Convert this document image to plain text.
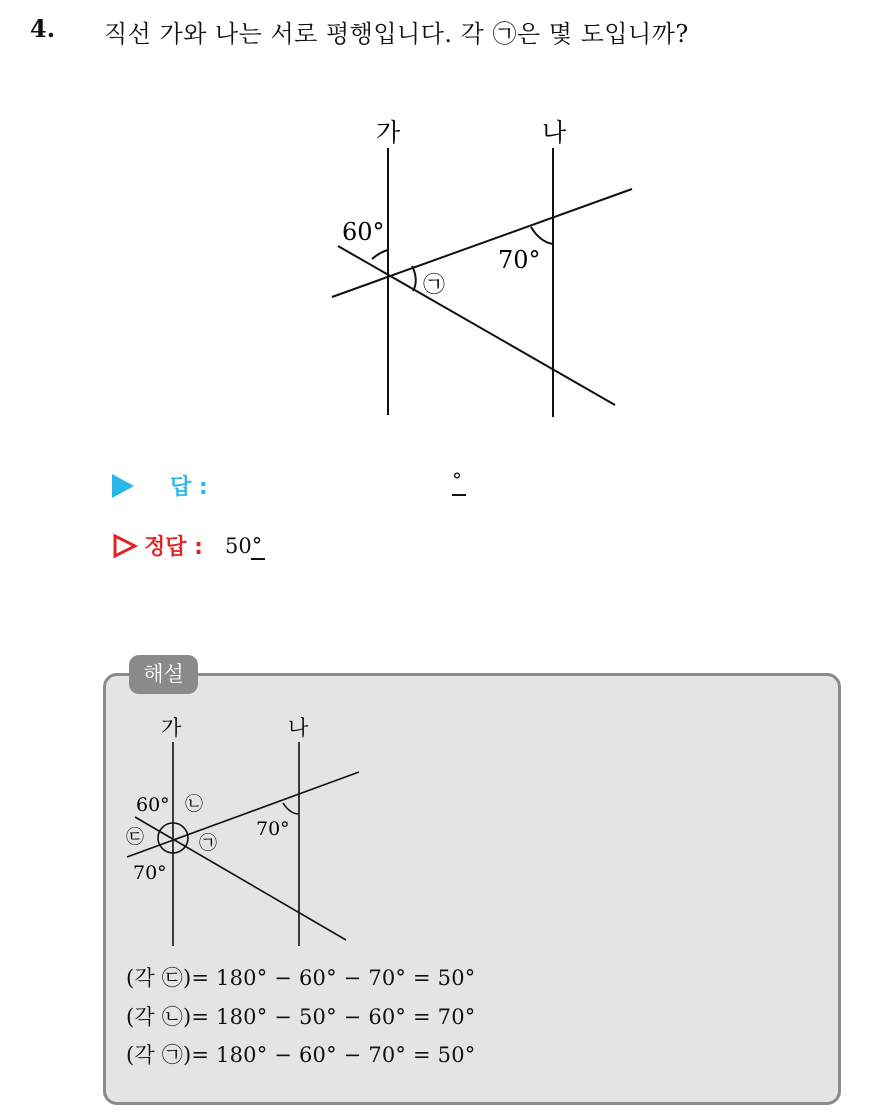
4. 직선 가와 나는 서로 평행입니다. 각 ㉠은 몇 도입니까?
가	나
60°
70°
㉠
답 :	°
정답 : 50°
해설
가	나
60° ㉡
㉢	㉠
70°
70°
(각 ㉢)= 180° − 60° − 70° = 50°
(각 ㉡)= 180° − 50° − 60° = 70°
(각 ㉠)= 180° − 60° − 70° = 50°
